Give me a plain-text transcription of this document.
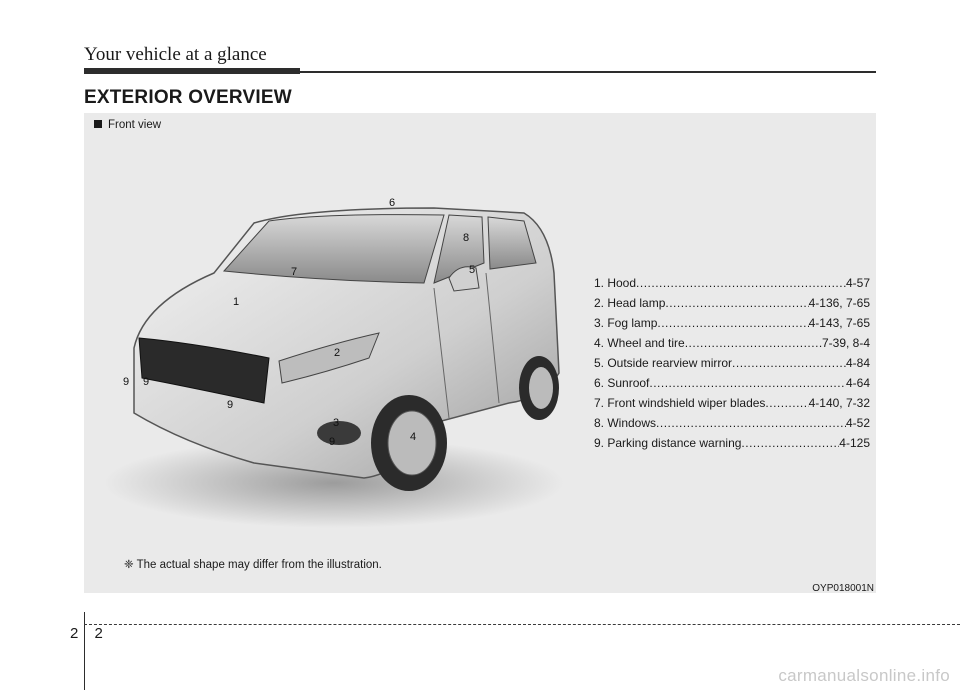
Your vehicle at a glance
EXTERIOR OVERVIEW
Front view
1
2
3
4
5
6
7
8
9 9
9
9
1. Hood .....	4-57
2. Head lamp .....	4-136, 7-65
3. Fog lamp .....	4-143, 7-65
4. Wheel and tire .....	7-39, 8-4
5. Outside rearview mirror .....	4-84
6. Sunroof .....	4-64
7. Front windshield wiper blades .....	4-140, 7-32
8. Windows .....	4-52
9. Parking distance warning .....	4-125
❈ The actual shape may differ from the illustration.
OYP018001N
2 2
carmanualsonline.info
